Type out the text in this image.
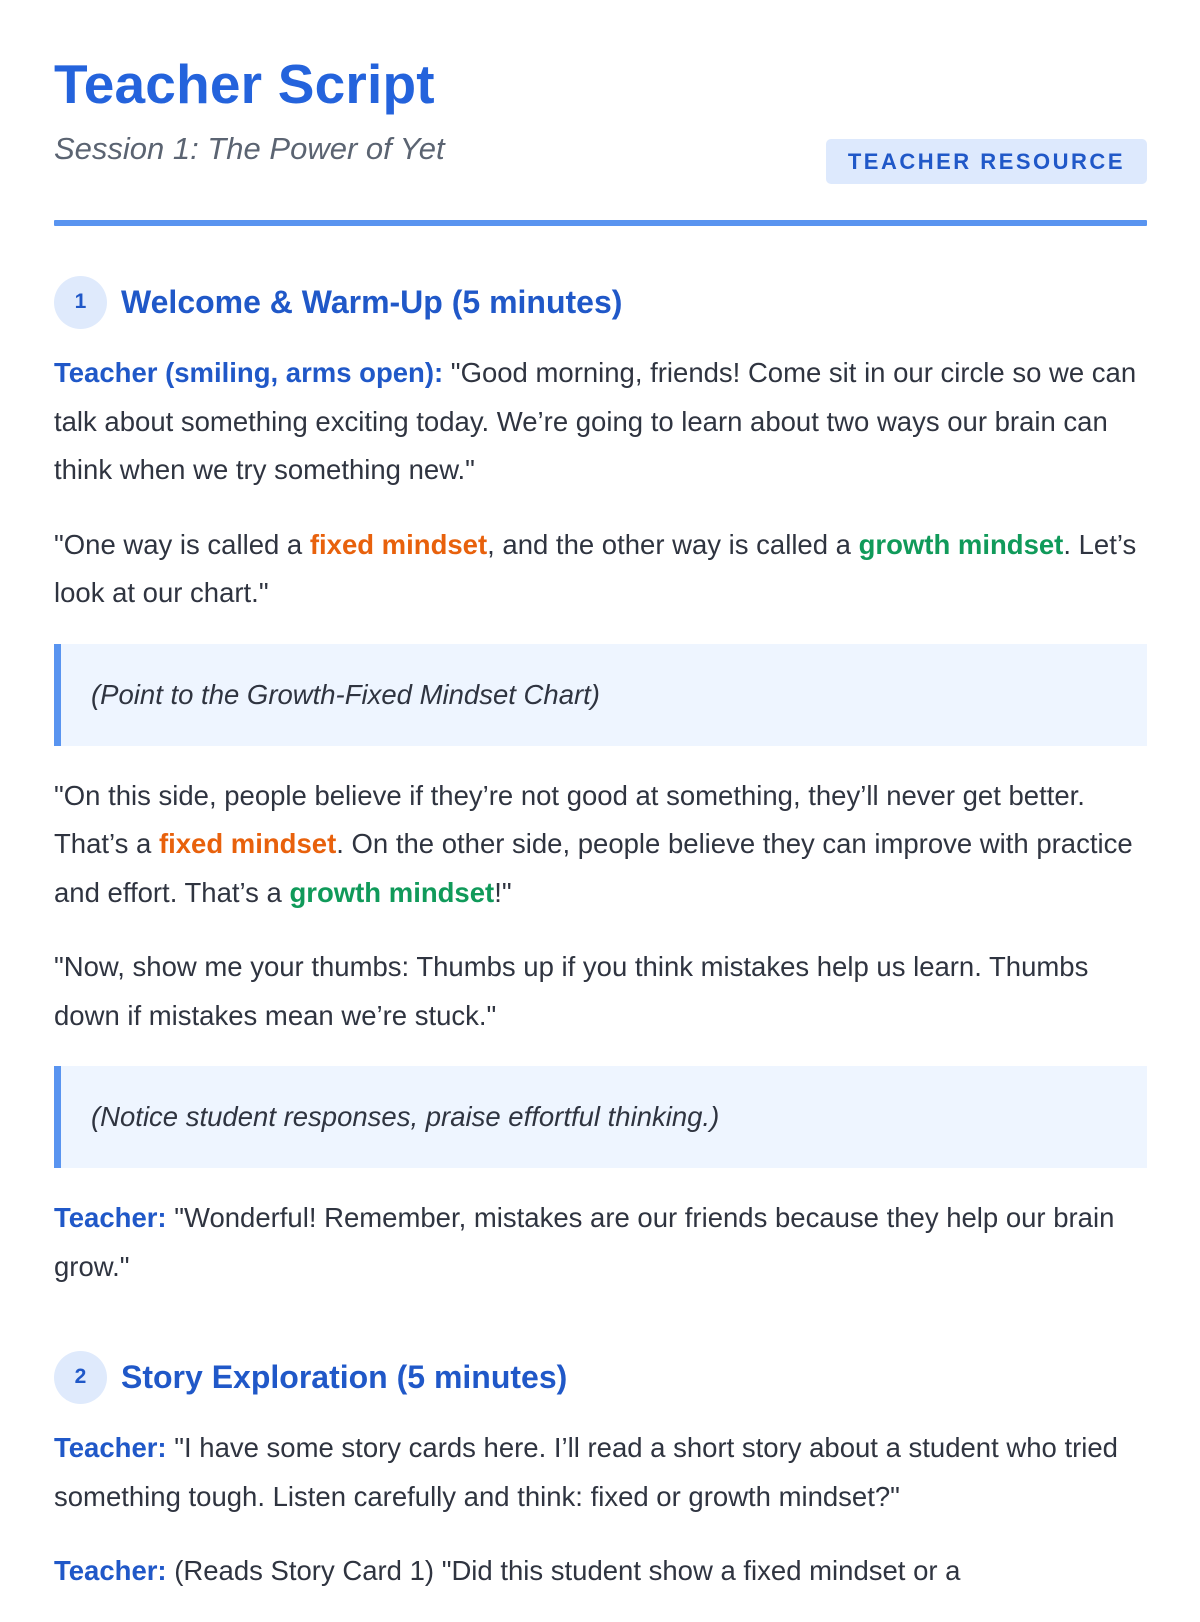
Teacher Script
Session 1: The Power of Yet	TEACHER RESOURCE
1	Welcome & Warm-Up (5 minutes)

Teacher (smiling, arms open): "Good morning, friends! Come sit in our circle so we can talk about something exciting today. We’re going to learn about two ways our brain can think when we try something new."

"One way is called a fixed mindset, and the other way is called a growth mindset. Let’s look at our chart."

(Point to the Growth-Fixed Mindset Chart)

"On this side, people believe if they’re not good at something, they’ll never get better. That’s a fixed mindset. On the other side, people believe they can improve with practice and effort. That’s a growth mindset!"

"Now, show me your thumbs: Thumbs up if you think mistakes help us learn. Thumbs down if mistakes mean we’re stuck."

(Notice student responses, praise effortful thinking.)

Teacher: "Wonderful! Remember, mistakes are our friends because they help our brain grow."

2	Story Exploration (5 minutes)

Teacher: "I have some story cards here. I’ll read a short story about a student who tried something tough. Listen carefully and think: fixed or growth mindset?"

Teacher: (Reads Story Card 1) "Did this student show a fixed mindset or a
